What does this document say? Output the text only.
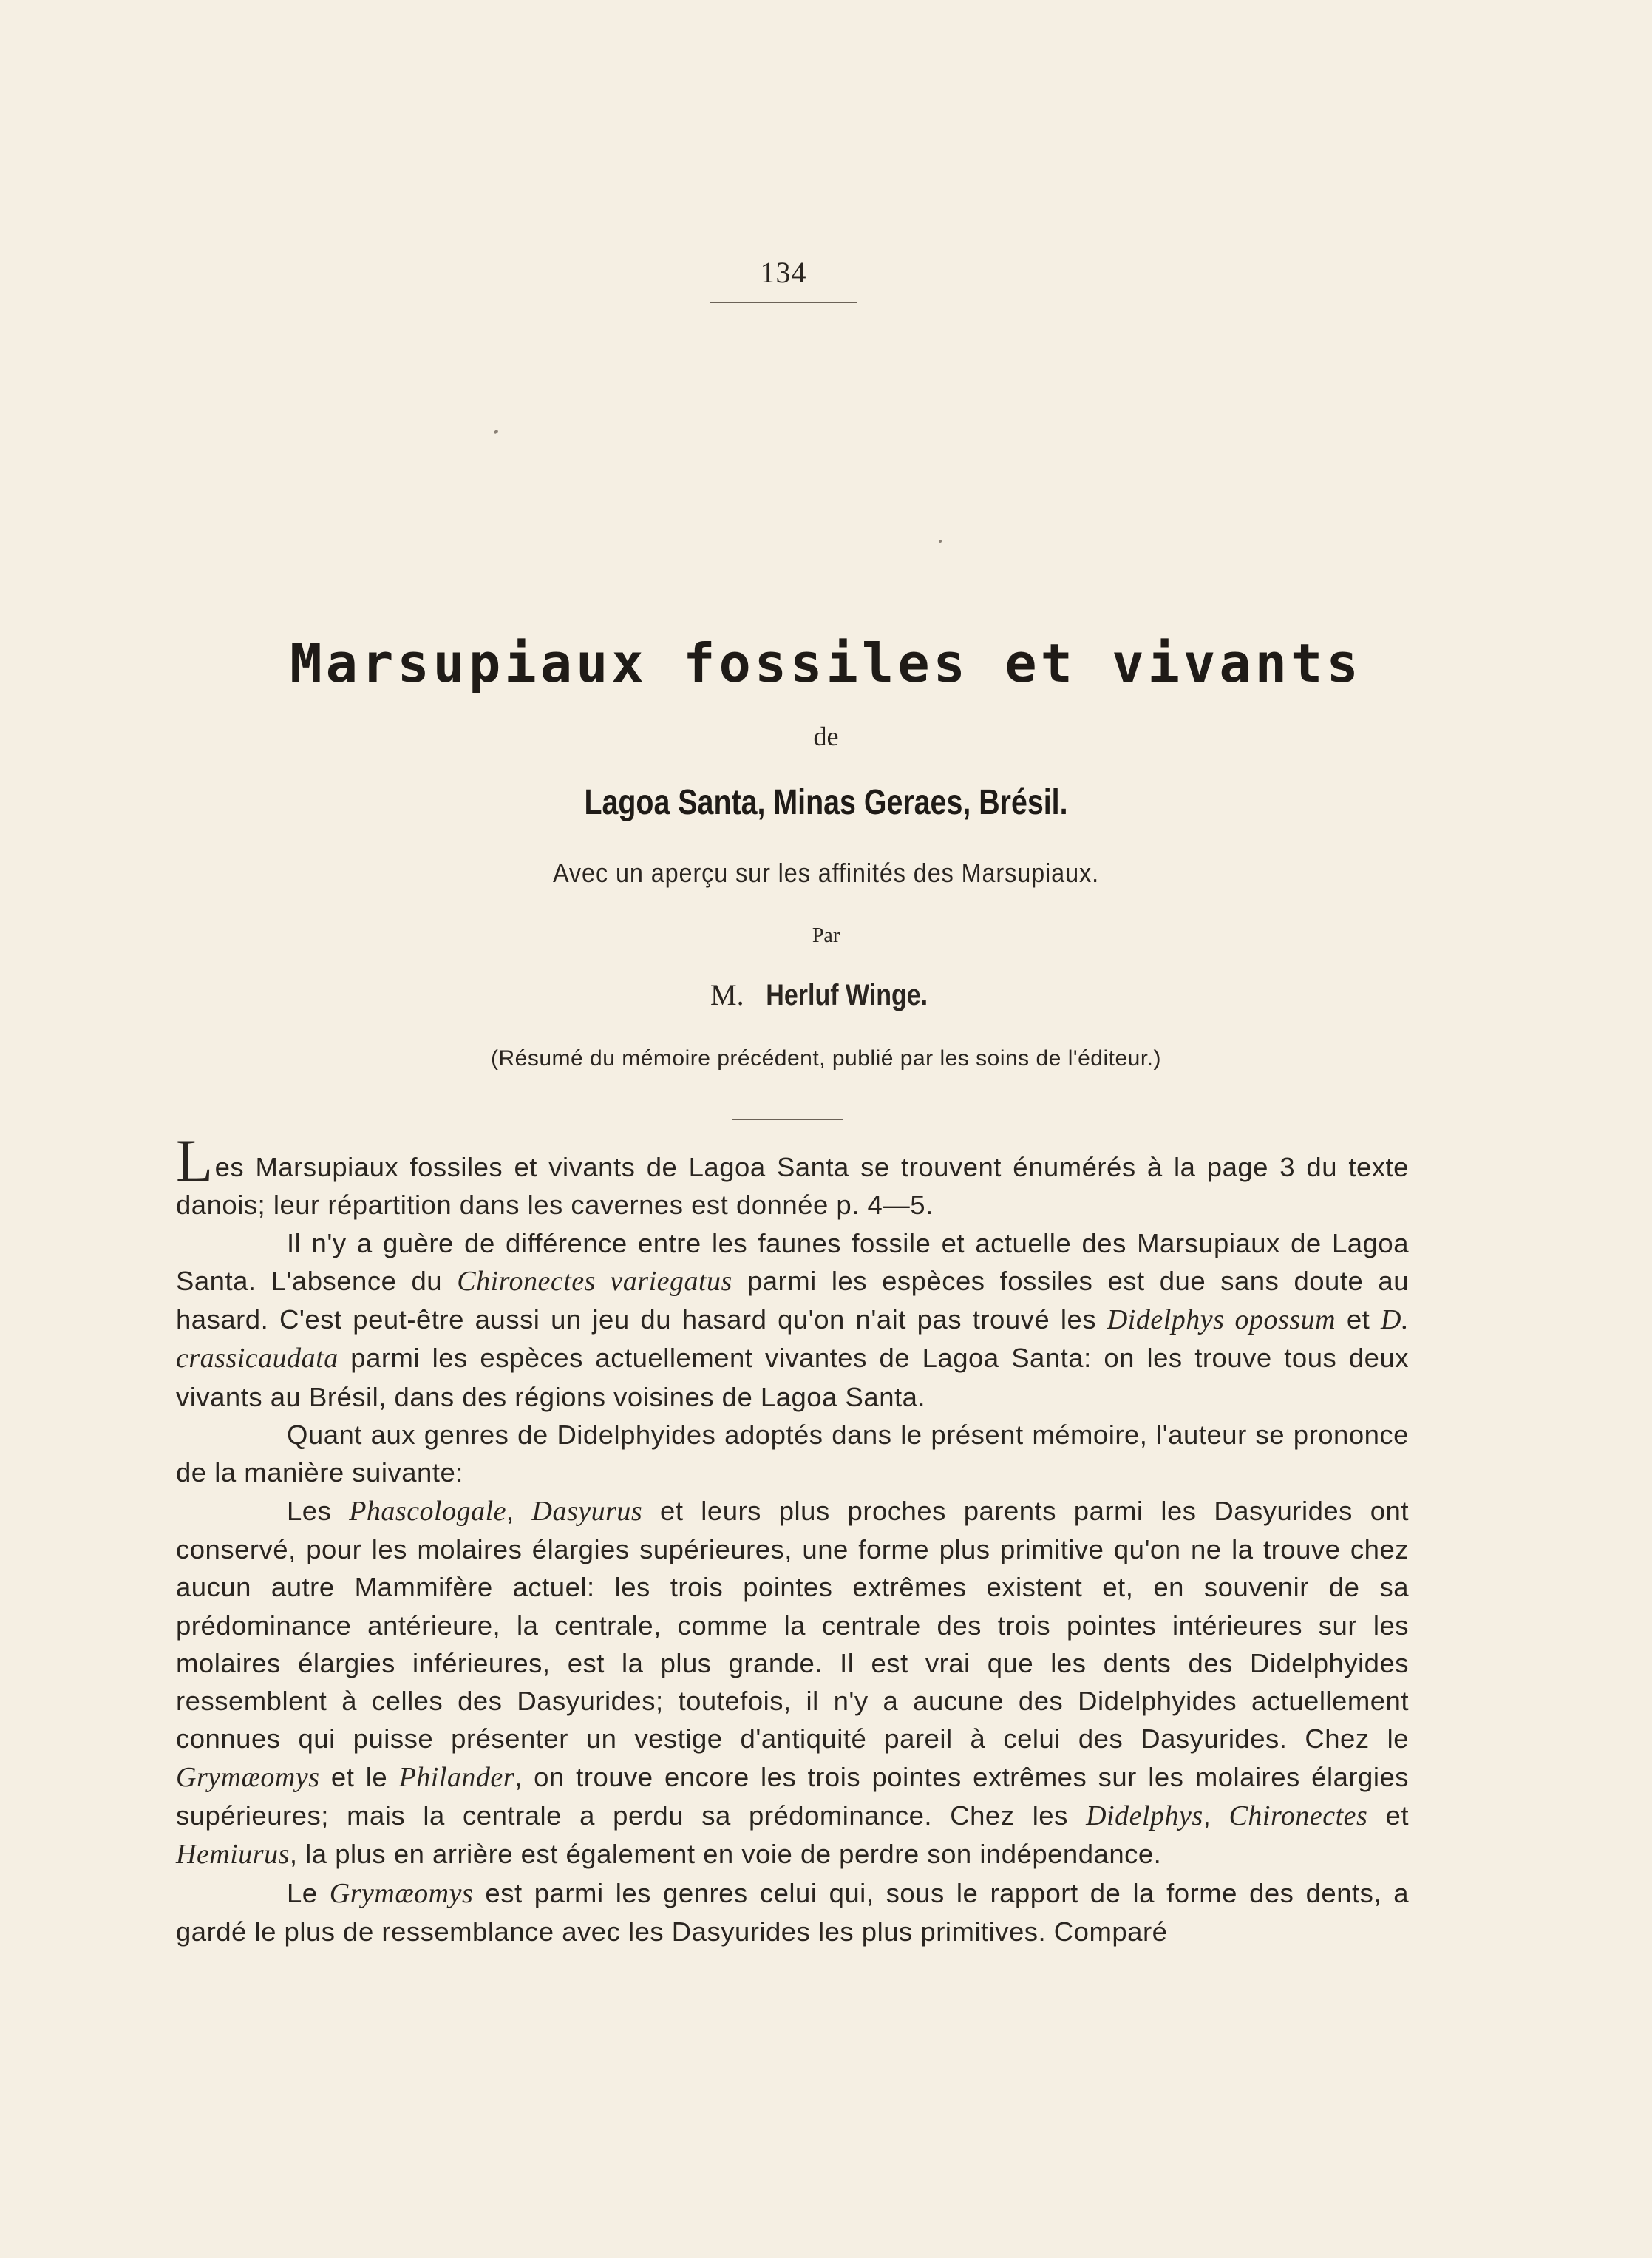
134
Marsupiaux fossiles et vivants
de
Lagoa Santa, Minas Geraes, Brésil.
Avec un aperçu sur les affinités des Marsupiaux.
Par
M. Herluf Winge.
(Résumé du mémoire précédent, publié par les soins de l'éditeur.)

Les Marsupiaux fossiles et vivants de Lagoa Santa se trouvent énumérés à la page 3 du texte danois; leur répartition dans les cavernes est donnée p. 4—5.

Il n'y a guère de différence entre les faunes fossile et actuelle des Marsupiaux de Lagoa Santa. L'absence du Chironectes variegatus parmi les espèces fossiles est due sans doute au hasard. C'est peut-être aussi un jeu du hasard qu'on n'ait pas trouvé les Didelphys opossum et D. crassicaudata parmi les espèces actuellement vivantes de Lagoa Santa: on les trouve tous deux vivants au Brésil, dans des régions voisines de Lagoa Santa.

Quant aux genres de Didelphyides adoptés dans le présent mémoire, l'auteur se prononce de la manière suivante:

Les Phascologale, Dasyurus et leurs plus proches parents parmi les Dasyurides ont conservé, pour les molaires élargies supérieures, une forme plus primitive qu'on ne la trouve chez aucun autre Mammifère actuel: les trois pointes extrêmes existent et, en souvenir de sa prédominance antérieure, la centrale, comme la centrale des trois pointes intérieures sur les molaires élargies inférieures, est la plus grande. Il est vrai que les dents des Didelphyides ressemblent à celles des Dasyurides; toutefois, il n'y a aucune des Didelphyides actuellement connues qui puisse présenter un vestige d'antiquité pareil à celui des Dasyurides. Chez le Grymæomys et le Philander, on trouve encore les trois pointes extrêmes sur les molaires élargies supérieures; mais la centrale a perdu sa prédominance. Chez les Didelphys, Chironectes et Hemiurus, la plus en arrière est également en voie de perdre son indépendance.

Le Grymæomys est parmi les genres celui qui, sous le rapport de la forme des dents, a gardé le plus de ressemblance avec les Dasyurides les plus primitives. Comparé
